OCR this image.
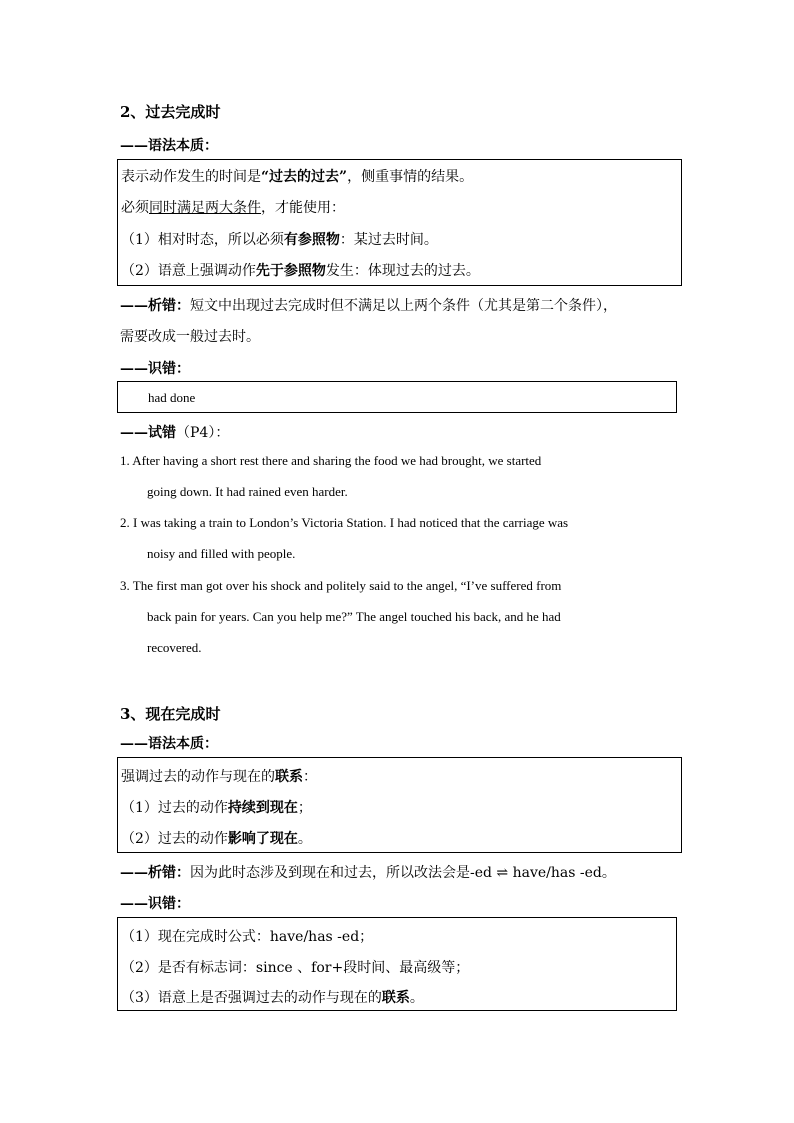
2、过去完成时
——语法本质：
表示动作发生的时间是“过去的过去”，侧重事情的结果。
必须同时满足两大条件，才能使用：
（1）相对时态，所以必须有参照物：某过去时间。
（2）语意上强调动作先于参照物发生：体现过去的过去。
——析错：短文中出现过去完成时但不满足以上两个条件（尤其是第二个条件），
需要改成一般过去时。
——识错：
had done
——试错（P4）：
1. After having a short rest there and sharing the food we had brought, we started
going down. It had rained even harder.
2. I was taking a train to London’s Victoria Station. I had noticed that the carriage was
noisy and filled with people.
3. The first man got over his shock and politely said to the angel, “I’ve suffered from
back pain for years. Can you help me?” The angel touched his back, and he had
recovered.
3、现在完成时
——语法本质：
强调过去的动作与现在的联系：
（1）过去的动作持续到现在；
（2）过去的动作影响了现在。
——析错：因为此时态涉及到现在和过去，所以改法会是-ed ⇌ have/has -ed。
——识错：
（1）现在完成时公式：have/has -ed；
（2）是否有标志词：since 、for+段时间、最高级等；
（3）语意上是否强调过去的动作与现在的联系。
